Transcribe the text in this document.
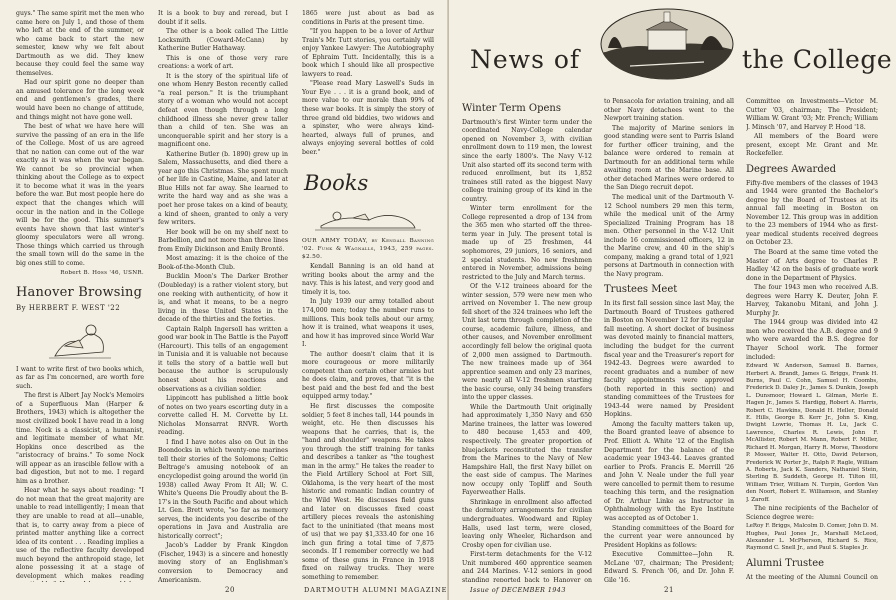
guys." The same spirit met the men who came here on July 1, and those of them who left at the end of the summer, or who came back to start the new semester, knew why we felt about Dartmouth as we did. They knew because they could feel the same way themselves.

Had our spirit gone no deeper than an amused tolerance for the long week end and gentlemen's grades, there would have been no change of attitude, and things might not have gone well.

The best of what we have here will survive the passing of an era in the life of the College. Most of us are agreed that no nation can come out of the war exactly as it was when the war began. We cannot be so provincial when thinking about the College as to expect it to become what it was in the years before the war. But most people here do expect that the changes which will occur in the nation and in the College will be for the good. This summer's events have shown that last winter's gloomy speculators were all wrong. Those things which carried us through the small town will do the same in the big ones still to come.

Robert B. Hoss '46, USNR.
Hanover Browsing
By HERBERT F. WEST '22

I want to write first of two books which, as far as I'm concerned, are worth fore such.

The first is Albert Jay Nock's Memoirs of a Superfluous Man (Harper & Brothers, 1943) which is altogether the most civilized book I have read in a long time. Nock is a classicist, a humanist, and legitimate member of what Mr. Hopkins once described as the "aristocracy of brains." To some Nock will appear as an irascible fellow with a bad digestion, but not to me. I regard him as a brother.

Hear what he says about reading: "I do not mean that the great majority are unable to read intelligently; I mean that they are unable to read at all—unable, that is, to carry away from a piece of printed matter anything like a correct idea of its content . . . Reading implies a use of the reflective faculty developed much beyond the anthropoid stage, let alone possessing it at a stage of development which makes reading

It is a book to buy and reread, but I doubt if it sells.

The other is a book called The Little Locksmith (Coward-McCann) by Katherine Butler Hathaway.

This is one of those very rare creations: a work of art.

It is the story of the spiritual life of one whom Henry Beston recently called "a real person." It is the triumphant story of a woman who would not accept defeat even though through a long childhood illness she never grew taller than a child of ten. She was an unconquerable spirit and her story is a magnificent one.

Katherine Butler (b. 1890) grew up in Salem, Massachusetts, and died there a year ago this Christmas. She spent much of her life in Castine, Maine, and later at Blue Hills not far away. She learned to write the hard way and as she was a poet her prose takes on a kind of beauty, a kind of sheen, granted to only a very few writers.

Her book will be on my shelf next to Barbellion, and not more than three lines from Emily Dickinson and Emily Brontë.

Most amazing: it is the choice of the Book-of-the-Month Club.

Bucklin Moon's The Darker Brother (Doubleday) is a rather violent story, but one reeking with authenticity, of how it is, and what it means, to be a negro living in these United States in the decade of the thirties and the forties.

Captain Ralph Ingersoll has written a good war book in The Battle is the Payoff (Harcourt). This tells of an engagement in Tunisia and it is valuable not because it tells the story of a battle well but because the author is scrupulously honest about his reactions and observations as a civilian soldier.

Lippincott has published a little book of notes on two years escorting duty in a corvette called H. M. Corvette by Lt. Nicholas Monsarrat RNVR. Worth reading.

I find I have notes also on Out in the Boondocks in which twenty-one marines tell their stories of the Solomons; Celtic Beltrage's amusing notebook of an encyclopedist going around the world (in 1938) called Away From It All; W. C. White's Queens Die Proudly about the B-17's in the South Pacific and about which Lt. Gen. Brett wrote, "so far as memory serves, the incidents you describe of the operations in Java and Australia are historically correct";

Jacob's Ladder by Frank Kingdon (Fischer, 1943) is a sincere and honestly moving story of an Englishman's conversion to Democracy and Americanism.

1865 were just about as bad as conditions in Paris at the present time.

"If you happen to be a lover of Arthur Train's Mr. Tutt stories, you certainly will enjoy Yankee Lawyer: The Autobiography of Ephraim Tutt. Incidentally, this is a book which I should like all prospective lawyers to read.

"Please read Mary Laswell's Suds in Your Eye . . . it is a grand book, and of more value to our morale than 99% of these war books. It is simply the story of three grand old biddies, two widows and a spinster, who were always kind-hearted, always full of prunes, and always enjoying several bottles of cold beer."

Books

OUR ARMY TODAY, by Kendall Banning '02. Funk & Wagnalls, 1943, 259 pages. $2.50.

Kendall Banning is an old hand at writing books about the army and the navy. This is his latest, and very good and timely it is, too.

In July 1939 our army totalled about 174,000 men; today the number runs to millions. This book tells about our army, how it is trained, what weapons it uses, and how it has improved since World War I.

The author doesn't claim that it is more courageous or more militarily competent than certain other armies but he does claim, and proves, that "it is the best paid and the best fed and the best equipped army today."

He first discusses the composite soldier, 5 feet 8 inches tall, 144 pounds in weight, etc. He then discusses his weapons that he carries, that is, the "hand and shoulder" weapons. He takes you through the stiff training for tanks and describes a tanker as "the toughest man in the army." He takes the reader to the Field Artillery School at Fort Sill, Oklahoma, is the very heart of the most historic and romantic Indian country of the Wild West. He discusses field guns and later on discusses fixed coast artillery pieces reveals the astonishing fact to the uninitiated (that means most of us) that we pay $1,333.40 for one 16 inch gun firing a total time of 7,875 seconds. If I remember correctly we had some of these guns in France in 1918 fixed on railway trucks. They were something to remember.

20	DARTMOUTH ALUMNI MAGAZINE
News of	the College
Winter Term Opens

Dartmouth's first Winter term under the coordinated Navy-College calendar opened on November 3, with civilian enrollment down to 119 men, the lowest since the early 1800's. The Navy V-12 Unit also started off its second term with reduced enrollment, but its 1,852 trainees still rated as the biggest Navy college training group of its kind in the country.

Winter term enrollment for the College represented a drop of 134 from the 365 men who started off the three-term year in July. The present total is made up of 25 freshmen, 44 sophomores, 29 juniors, 16 seniors, and 2 special students. No new freshmen entered in November, admissions being restricted to the July and March terms.

Of the V-12 trainees aboard for the winter session, 579 were new men who arrived on November 1. The new group fell short of the 324 trainees who left the Unit last term through completion of the course, academic failure, illness, and other causes, and November enrollment accordingly fell below the original quota of 2,000 men assigned to Dartmouth. The new trainees made up of 364 apprentice seamen and only 23 marines, were nearly all V-12 freshmen starting the basic course, only 34 being transfers into the upper classes.

While the Dartmouth Unit originally had approximately 1,350 Navy and 650 Marine trainees, the latter was lowered to 480 because 1,453 and 409, respectively. The greater proportion of bluejackets reconstituted the transfer from the Marines to the Navy of New Hampshire Hall, the first Navy billet on the east side of campus. The Marines now occupy only Topliff and South Fayerweather Halls.

Shrinkage in enrollment also affected the dormitory arrangements for civilian undergraduates. Woodward and Ripley Halls, used last term, were closed, leaving only Wheeler, Richardson and Crosby open for civilian use.

First-term detachments for the V-12 Unit numbered 460 apprentice seamen and 244 Marines. V-12 seniors in good standing reported back to Hanover on

to Pensacola for aviation training, and all other Navy detachees went to the Newport training station.

The majority of Marine seniors in good standing were sent to Parris Island for further officer training, and the balance were ordered to remain at Dartmouth for an additional term while awaiting room at the Marine base. All other detached Marines were ordered to the San Diego recruit depot.

The medical unit of the Dartmouth V-12 School numbers 29 men this term, while the medical unit of the Army Specialized Training Program has 18 men. Other personnel in the V-12 Unit include 16 commissioned officers, 12 in the Marine crew, and 40 in the ship's company, making a grand total of 1,921 persons at Dartmouth in connection with the Navy program.

Trustees Meet

In its first fall session since last May, the Dartmouth Board of Trustees gathered in Boston on November 12 for its regular fall meeting. A short docket of business was devoted mainly to financial matters, including the budget for the current fiscal year and the Treasurer's report for 1942-43. Degrees were awarded to recent graduates and a number of new faculty appointments were approved (both reported in this section) and standing committees of the Trustees for 1943-44 were named by President Hopkins.

Among the faculty matters taken up, the Board granted leave of absence to Prof. Elliott A. White '12 of the English Department for the balance of the academic year 1943-44. Leaves granted earlier to Profs. Francis E. Merrill '26 and John V. Neale under the full year were cancelled to permit them to resume teaching this term, and the resignation of Dr. Arthur Linke as Instructor in Ophthalmology with the Eye Institute was accepted as of October 1.

Standing committees of the Board for the current year were announced by President Hopkins as follows:

Executive Committee—John R. McLane '07, chairman; The President; Edward S. French '06, and Dr. John F. Gile '16.

Committee on Investments—Victor M. Cutter '03, chairman; The President; William W. Grant '03; Mr. French; William J. Minsch '07, and Harvey P. Hood '18.

All members of the Board were present, except Mr. Grant and Mr. Rockefeller.

Degrees Awarded

Fifty-five members of the classes of 1943 and 1944 were granted the Bachelor's degree by the Board of Trustees at its annual fall meeting in Boston on November 12. This group was in addition to the 23 members of 1944 who as first-year medical students received degrees on October 23.

The Board at the same time voted the Master of Arts degree to Charles P. Hadley '42 on the basis of graduate work done in the Department of Physics.

The four 1943 men who received A.B. degrees were Harry K. Deuter, John F. Harvey, Takanobu Mitani, and John J. Murphy Jr.

The 1944 group was divided into 42 men who received the A.B. degree and 9 who were awarded the B.S. degree for Thayer School work. The former included:

Edward W. Anderson, Samuel B. Barnes, Herbert A. Brandt, James G. Briggs, Frank H. Burns, Paul C. Cohn, Samuel H. Coombs, Frederick D. Daley Jr., James S. Dunkin, Joseph L. Dunsmoor, Howard L. Gilman, Merle E. Hagen Jr., James S. Hardigg, Robert A. Harris, Robert C. Hawkins, Donald H. Heller, Donald E. Hills, George B. Kerr Jr., John S. King, Dwight Lowrie, Thomas H. Lu, Jack C. Lawrence, Charles R. Lewis, John F. McAllister, Robert M. Mann, Robert F. Miller, Richard H. Morgan, Harry R. Morse, Theodore P. Mosser, Walter H. Otto, David Peterson, Frederick W. Porter Jr., Ralph P. Ragle, William A. Roberts, Jack K. Sanders, Nathaniel Stein, Sterling B. Suddeth, George H. Tilton III, William Trier, William N. Turpin, Gordon Van den Noort, Robert E. Williamson, and Stanley J. Zaroff.

The nine recipients of the Bachelor of Science degree were:

LeRoy F. Briggs, Malcolm D. Comer, John D. M. Hughes, Paul Jones Jr., Marshall McLeod, Alexander L. McPherson, Richard S. Rice, Raymond C. Snell Jr., and Paul S. Staples Jr.

Alumni Trustee

At the meeting of the Alumni Council on

Issue of DECEMBER 1943	21
